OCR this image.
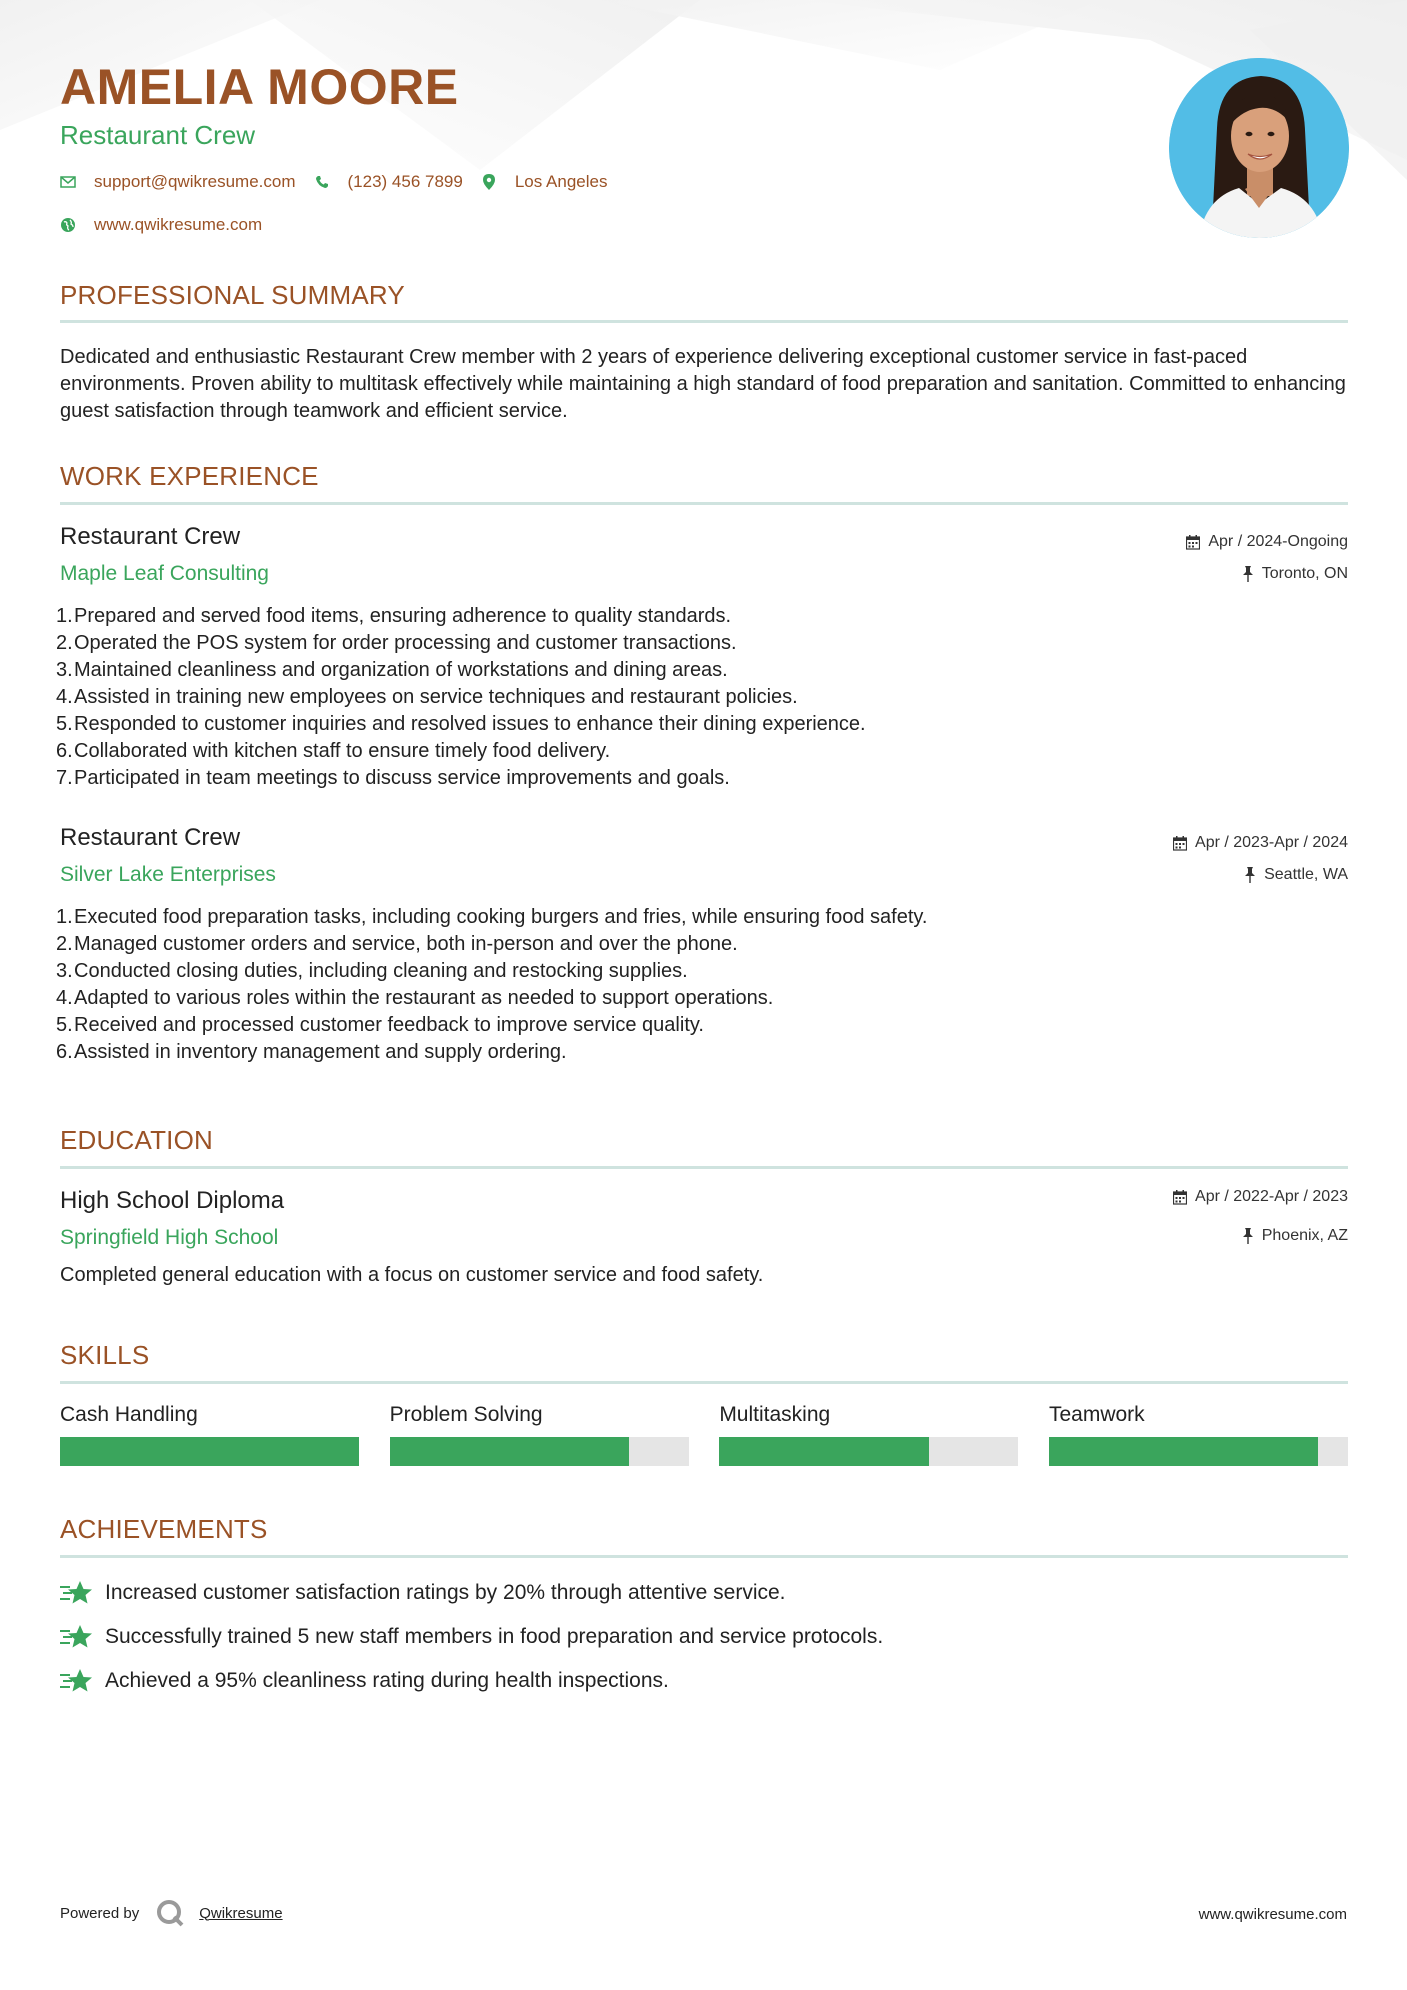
AMELIA MOORE
Restaurant Crew
support@qwikresume.com	(123) 456 7899	Los Angeles
www.qwikresume.com
PROFESSIONAL SUMMARY
Dedicated and enthusiastic Restaurant Crew member with 2 years of experience delivering exceptional customer service in fast-paced environments. Proven ability to multitask effectively while maintaining a high standard of food preparation and sanitation. Committed to enhancing guest satisfaction through teamwork and efficient service.
WORK EXPERIENCE
Restaurant Crew
Maple Leaf Consulting
Apr / 2024-Ongoing
Toronto, ON
1 . Prepared and served food items, ensuring adherence to quality standards.
2 . Operated the POS system for order processing and customer transactions.
3 . Maintained cleanliness and organization of workstations and dining areas.
4 . Assisted in training new employees on service techniques and restaurant policies.
5 . Responded to customer inquiries and resolved issues to enhance their dining experience.
6 . Collaborated with kitchen staff to ensure timely food delivery.
7 . Participated in team meetings to discuss service improvements and goals.
Restaurant Crew
Silver Lake Enterprises
Apr / 2023-Apr / 2024
Seattle, WA
1 . Executed food preparation tasks, including cooking burgers and fries, while ensuring food safety.
2 . Managed customer orders and service, both in-person and over the phone.
3 . Conducted closing duties, including cleaning and restocking supplies.
4 . Adapted to various roles within the restaurant as needed to support operations.
5 . Received and processed customer feedback to improve service quality.
6 . Assisted in inventory management and supply ordering.
EDUCATION
High School Diploma
Springfield High School
Apr / 2022-Apr / 2023
Phoenix, AZ
Completed general education with a focus on customer service and food safety.
SKILLS
Cash Handling	Problem Solving	Multitasking	Teamwork
ACHIEVEMENTS
Increased customer satisfaction ratings by 20% through attentive service.
Successfully trained 5 new staff members in food preparation and service protocols.
Achieved a 95% cleanliness rating during health inspections.
Powered by	Qwikresume	www.qwikresume.com
